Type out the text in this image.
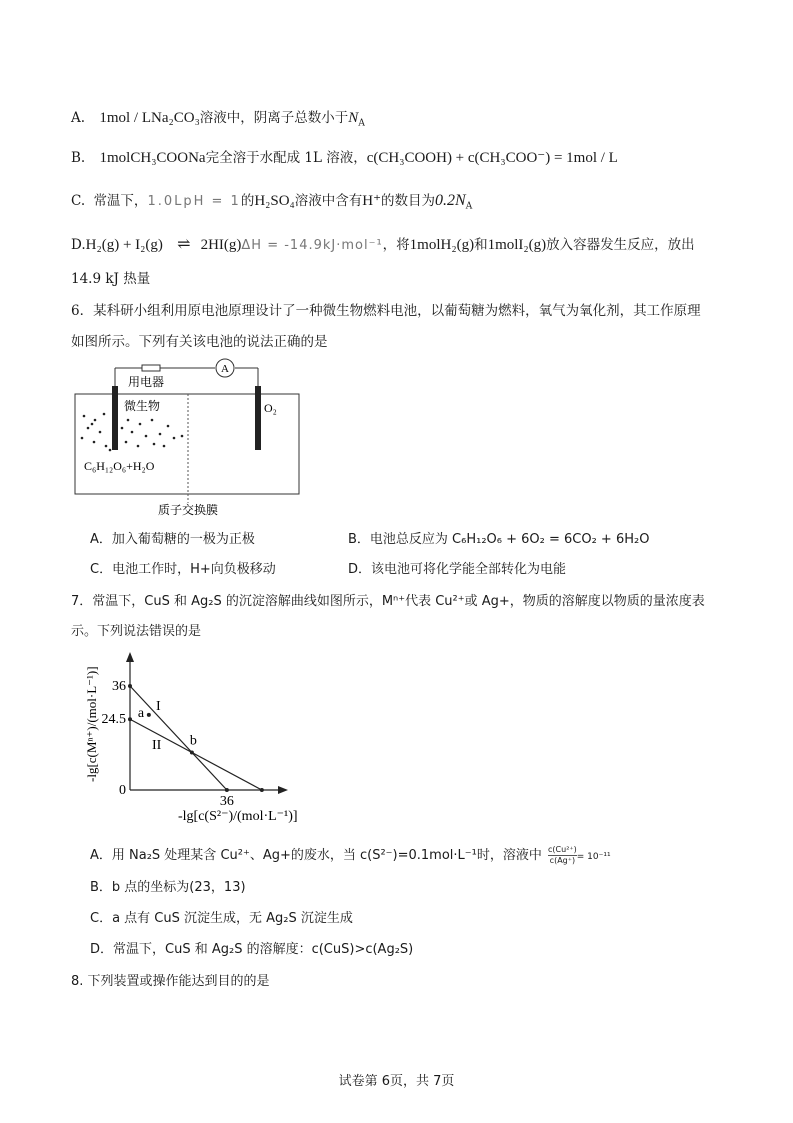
A. 1mol / LNa₂CO₃溶液中，阴离子总数小于$N_A$
B. 1molCH₃COONa完全溶于水配成 1L 溶液，c(CH₃COOH) + c(CH₃COO⁻) = 1mol / L
C. 常温下，1.0LpH = 1的H₂SO₄溶液中含有H⁺的数目为$0.2N_A$
D.H₂(g) + I₂(g) ⇌ 2HI(g)ΔH = -14.9kJ·mol⁻¹，将1molH₂(g)和1molI₂(g)放入容器发生反应，放出
14.9 kJ 热量
6．某科研小组利用原电池原理设计了一种微生物燃料电池，以葡萄糖为燃料，氧气为氧化剂，其工作原理
如图所示。下列有关该电池的说法正确的是
A
用电器
微生物	O₂
C₆H₁₂O₆+H₂O
质子交换膜
A．加入葡萄糖的一极为正极	B．电池总反应为 C₆H₁₂O₆ + 6O₂ = 6CO₂ + 6H₂O
C．电池工作时，H+向负极移动	D．该电池可将化学能全部转化为电能
7．常温下，CuS 和 Ag₂S 的沉淀溶解曲线如图所示，Mⁿ⁺代表 Cu²⁺或 Ag+，物质的溶解度以物质的量浓度表
示。下列说法错误的是
I
II
a
b
36
24.5
0
36
-lg[c(Mⁿ⁺)/(mol·L⁻¹)]
-lg[c(S²⁻)/(mol·L⁻¹)]
A．用 Na₂S 处理某含 Cu²⁺、Ag+的废水，当 c(S²⁻)=0.1mol·L⁻¹时，溶液中 $\frac{\text{c(Cu²⁺)}}{c(Ag^+)} = 10^{-11}$
B．b 点的坐标为(23，13)
C．a 点有 CuS 沉淀生成，无 Ag₂S 沉淀生成
D．常温下，CuS 和 Ag₂S 的溶解度：c(CuS)>c(Ag₂S)
8. 下列装置或操作能达到目的的是
试卷第 6页，共 7页
